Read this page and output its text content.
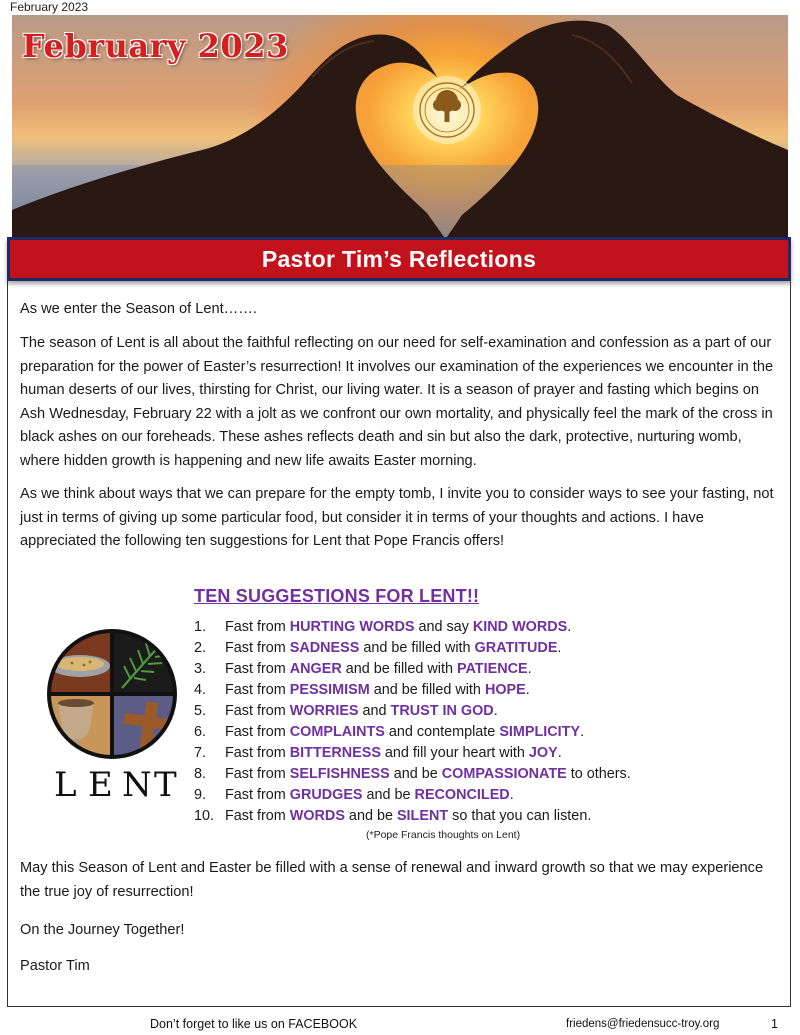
February 2023
February 2023
Pastor Tim’s Reflections

As we enter the Season of Lent…….

The season of Lent is all about the faithful reflecting on our need for self-examination and confession as a part of our preparation for the power of Easter’s resurrection! It involves our examination of the experiences we encounter in the human deserts of our lives, thirsting for Christ, our living water. It is a season of prayer and fasting which begins on Ash Wednesday, February 22 with a jolt as we confront our own mortality, and physically feel the mark of the cross in black ashes on our foreheads. These ashes reflects death and sin but also the dark, protective, nurturing womb, where hidden growth is happening and new life awaits Easter morning.

As we think about ways that we can prepare for the empty tomb, I invite you to consider ways to see your fasting, not just in terms of giving up some particular food, but consider it in terms of your thoughts and actions. I have appreciated the following ten suggestions for Lent that Pope Francis offers!

L E N T
TEN SUGGESTIONS FOR LENT!!
1. Fast from HURTING WORDS and say KIND WORDS.
2. Fast from SADNESS and be filled with GRATITUDE.
3. Fast from ANGER and be filled with PATIENCE.
4. Fast from PESSIMISM and be filled with HOPE.
5. Fast from WORRIES and TRUST IN GOD.
6. Fast from COMPLAINTS and contemplate SIMPLICITY.
7. Fast from BITTERNESS and fill your heart with JOY.
8. Fast from SELFISHNESS and be COMPASSIONATE to others.
9. Fast from GRUDGES and be RECONCILED.
10. Fast from WORDS and be SILENT so that you can listen.
(*Pope Francis thoughts on Lent)

May this Season of Lent and Easter be filled with a sense of renewal and inward growth so that we may experience the true joy of resurrection!

On the Journey Together!

Pastor Tim

Don’t forget to like us on FACEBOOK	friedens@friedensucc-troy.org	1
